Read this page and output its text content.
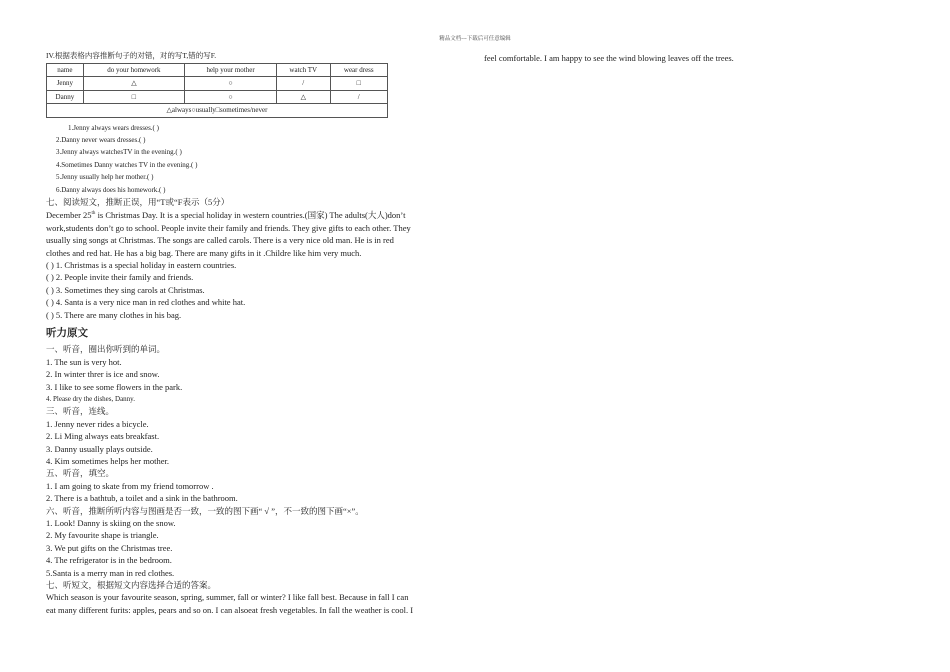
精品文档---下载后可任意编辑
IV.根据表格内容推断句子的对错，对的写T,错的写F.
name	do your homework	help your mother	watch TV	wear dress
Jenny	△	○	/	□
Danny	□	○	△	/
△always○usually□sometimes/never				
1.Jenny always wears dresses.( )
2.Danny never wears dresses.( )
3.Jenny always watchesTV in the evening.( )
4.Sometimes Danny watches TV in the evening.( )
5.Jenny usually help her mother.( )
6.Danny always does his homework.( )
七、阅读短文，推断正误，用“T或“F表示（5分）
December 25th is Christmas Day. It is a special holiday in western countries.(国家) The adults(大人)don’t
work,students don’t go to school. People invite their family and friends. They give gifts to each other. They
usually sing songs at Christmas. The songs are called carols. There is a very nice old man. He is in red
clothes and red hat. He has a big bag. There are many gifts in it .Childre like him very much.
( ) 1. Christmas is a special holiday in eastern countries.
( ) 2. People invite their family and friends.
( ) 3. Sometimes they sing carols at Christmas.
( ) 4. Santa is a very nice man in red clothes and white hat.
( ) 5. There are many clothes in his bag.
听力原文
一、听音，圈出你听到的单词。
1. The sun is very hot.
2. In winter threr is ice and snow.
3. I like to see some flowers in the park.
4. Please dry the dishes, Danny.
三、听音，连线。
1. Jenny never rides a bicycle.
2. Li Ming always eats breakfast.
3. Danny usually plays outside.
4. Kim sometimes helps her mother.
五、听音，填空。
1. I am going to skate from my friend tomorrow .
2. There is a bathtub, a toilet and a sink in the bathroom.
六、听音，推断所听内容与图画是否一致，一致的图下画“ √ ”，不一致的图下画“×”。
1. Look! Danny is skiing on the snow.
2. My favourite shape is triangle.
3. We put gifts on the Christmas tree.
4. The refrigerator is in the bedroom.
5.Santa is a merry man in red clothes.
七、听短文，根据短文内容选择合适的答案。
Which season is your favourite season, spring, summer, fall or winter? I like fall best. Because in fall I can
eat many different furits: apples, pears and so on. I can alsoeat fresh vegetables. In fall the weather is cool. I
feel comfortable. I am happy to see the wind blowing leaves off the trees.
